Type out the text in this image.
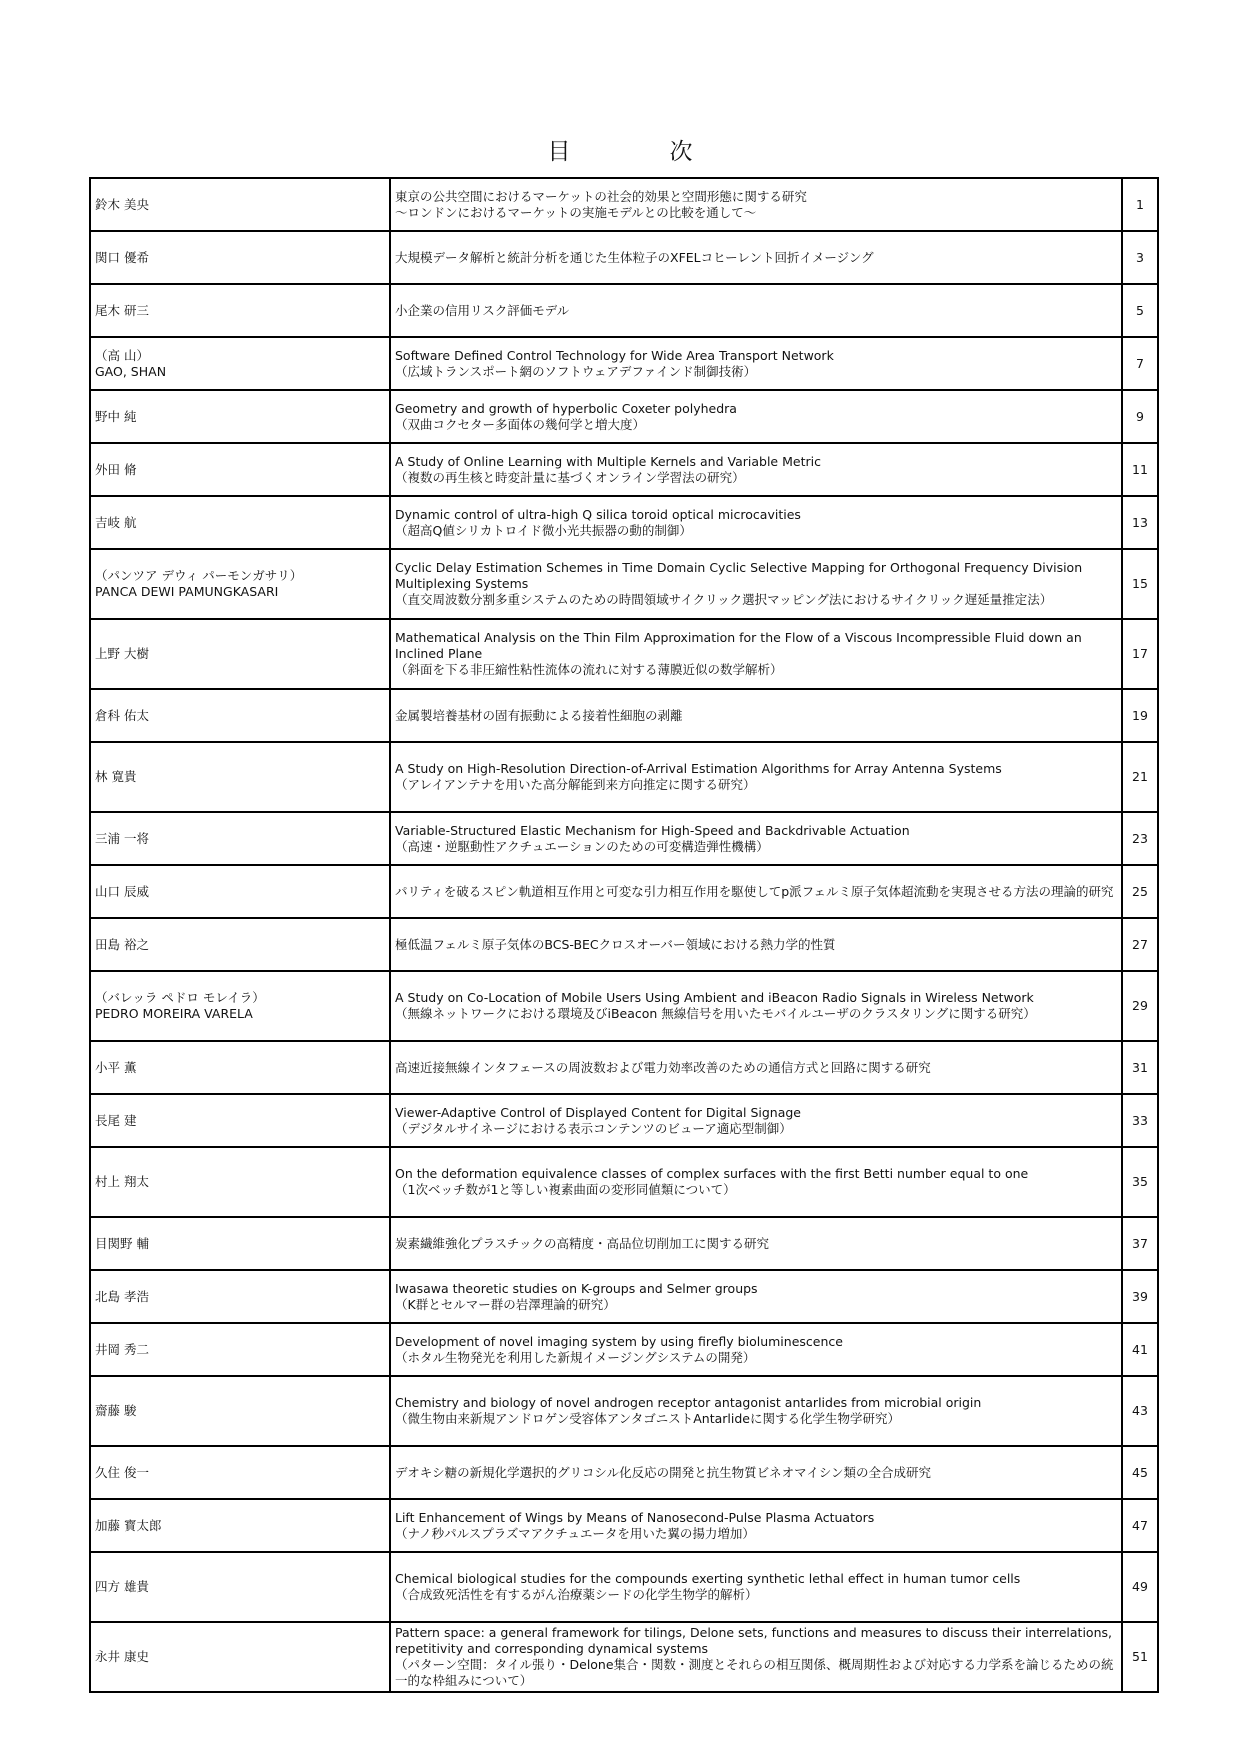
目　次
鈴木 美央	東京の公共空間におけるマーケットの社会的効果と空間形態に関する研究
～ロンドンにおけるマーケットの実施モデルとの比較を通して～	1

関口 優希	大規模データ解析と統計分析を通じた生体粒子のXFELコヒーレント回折イメージング	3

尾木 研三	小企業の信用リスク評価モデル	5

（高 山）
GAO, SHAN	Software Defined Control Technology for Wide Area Transport Network
（広域トランスポート網のソフトウェアデファインド制御技術）	7

野中 純	Geometry and growth of hyperbolic Coxeter polyhedra
（双曲コクセター多面体の幾何学と増大度）	9

外田 脩	A Study of Online Learning with Multiple Kernels and Variable Metric
（複数の再生核と時変計量に基づくオンライン学習法の研究）	11

吉岐 航	Dynamic control of ultra-high Q silica toroid optical microcavities
（超高Q値シリカトロイド微小光共振器の動的制御）	13

（パンツア デウィ パーモンガサリ）
PANCA DEWI PAMUNGKASARI	Cyclic Delay Estimation Schemes in Time Domain Cyclic Selective Mapping for Orthogonal Frequency Division Multiplexing Systems
（直交周波数分割多重システムのための時間領域サイクリック選択マッピング法におけるサイクリック遅延量推定法）	15

上野 大樹	Mathematical Analysis on the Thin Film Approximation for the Flow of a Viscous Incompressible Fluid down an Inclined Plane
（斜面を下る非圧縮性粘性流体の流れに対する薄膜近似の数学解析）	17

倉科 佑太	金属製培養基材の固有振動による接着性細胞の剥離	19

林 寛貴	A Study on High-Resolution Direction-of-Arrival Estimation Algorithms for Array Antenna Systems
（アレイアンテナを用いた高分解能到来方向推定に関する研究）	21

三浦 一将	Variable-Structured Elastic Mechanism for High-Speed and Backdrivable Actuation
（高速・逆駆動性アクチュエーションのための可変構造弾性機構）	23

山口 辰威	パリティを破るスピン軌道相互作用と可変な引力相互作用を駆使してp派フェルミ原子気体超流動を実現させる方法の理論的研究	25

田島 裕之	極低温フェルミ原子気体のBCS-BECクロスオーバー領域における熱力学的性質	27

（バレッラ ペドロ モレイラ）
PEDRO MOREIRA VARELA	A Study on Co-Location of Mobile Users Using Ambient and iBeacon Radio Signals in Wireless Network
（無線ネットワークにおける環境及びiBeacon 無線信号を用いたモバイルユーザのクラスタリングに関する研究）	29

小平 薫	高速近接無線インタフェースの周波数および電力効率改善のための通信方式と回路に関する研究	31

長尾 建	Viewer-Adaptive Control of Displayed Content for Digital Signage
（デジタルサイネージにおける表示コンテンツのビューア適応型制御）	33

村上 翔太	On the deformation equivalence classes of complex surfaces with the first Betti number equal to one
（1次ベッチ数が1と等しい複素曲面の変形同値類について）	35

目関野 輔	炭素繊維強化プラスチックの高精度・高品位切削加工に関する研究	37

北島 孝浩	Iwasawa theoretic studies on K-groups and Selmer groups
（K群とセルマー群の岩澤理論的研究）	39

井岡 秀二	Development of novel imaging system by using firefly bioluminescence
（ホタル生物発光を利用した新規イメージングシステムの開発）	41

齋藤 駿	Chemistry and biology of novel androgen receptor antagonist antarlides from microbial origin
（微生物由来新規アンドロゲン受容体アンタゴニストAntarlideに関する化学生物学研究）	43

久住 俊一	デオキシ糖の新規化学選択的グリコシル化反応の開発と抗生物質ビネオマイシン類の全合成研究	45

加藤 寳太郎	Lift Enhancement of Wings by Means of Nanosecond-Pulse Plasma Actuators
（ナノ秒パルスプラズマアクチュエータを用いた翼の揚力増加）	47

四方 雄貴	Chemical biological studies for the compounds exerting synthetic lethal effect in human tumor cells
（合成致死活性を有するがん治療薬シードの化学生物学的解析）	49

永井 康史	Pattern space: a general framework for tilings, Delone sets, functions and measures to discuss their interrelations, repetitivity and corresponding dynamical systems
（パターン空間：タイル張り・Delone集合・関数・測度とそれらの相互関係、概周期性および対応する力学系を論じるための統一的な枠組みについて）	51
